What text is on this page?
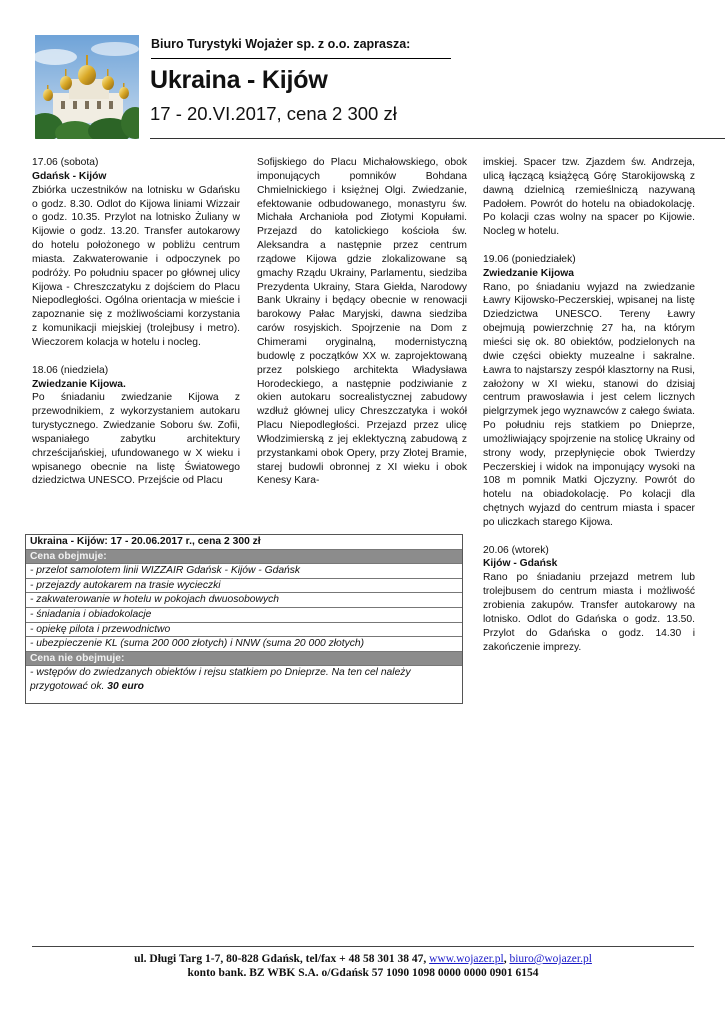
Biuro Turystyki Wojażer sp. z o.o. zaprasza:
Ukraina - Kijów
17 - 20.VI.2017, cena 2 300 zł

17.06 (sobota)

Gdańsk - Kijów

Zbiórka uczestników na lotnisku w Gdańsku o godz. 8.30. Odlot do Kijowa liniami Wizzair o godz. 10.35. Przylot na lotnisko Żuliany w Kijowie o godz. 13.20. Transfer autokarowy do hotelu położonego w pobliżu centrum miasta. Zakwaterowanie i odpoczynek po podróży. Po południu spacer po głównej ulicy Kijowa - Chreszczatyku z dojściem do Placu Niepodległości. Ogólna orientacja w mieście i zapoznanie się z możliwościami korzystania z komunikacji miejskiej (trolejbusy i metro). Wieczorem kolacja w hotelu i nocleg.

18.06 (niedziela)

Zwiedzanie Kijowa.

Po śniadaniu zwiedzanie Kijowa z przewodnikiem, z wykorzystaniem autokaru turystycznego. Zwiedzanie Soboru św. Zofii, wspaniałego zabytku architektury chrześcijańskiej, ufundowanego w X wieku i wpisanego obecnie na listę Światowego dziedzictwa UNESCO. Przejście od Placu

Sofijskiego do Placu Michałowskiego, obok imponujących pomników Bohdana Chmielnickiego i księżnej Olgi. Zwiedzanie, efektowanie odbudowanego, monastyru św. Michała Archanioła pod Złotymi Kopułami. Przejazd do katolickiego kościoła św. Aleksandra a następnie przez centrum rządowe Kijowa gdzie zlokalizowane są gmachy Rządu Ukrainy, Parlamentu, siedziba Prezydenta Ukrainy, Stara Giełda, Narodowy Bank Ukrainy i będący obecnie w renowacji barokowy Pałac Maryjski, dawna siedziba carów rosyjskich. Spojrzenie na Dom z Chimerami oryginalną, modernistyczną budowlę z początków XX w. zaprojektowaną przez polskiego architekta Władysława Horodeckiego, a następnie podziwianie z okien autokaru socrealistycznej zabudowy wzdłuż głównej ulicy Chreszczatyka i wokół Placu Niepodległości. Przejazd przez ulicę Włodzimierską z jej eklektyczną zabudową z przystankami obok Opery, przy Złotej Bramie, starej budowli obronnej z XI wieku i obok Kenesy Kara-

imskiej. Spacer tzw. Zjazdem św. Andrzeja, ulicą łączącą książęcą Górę Starokijowską z dawną dzielnicą rzemieślniczą nazywaną Padołem. Powrót do hotelu na obiadokolację. Po kolacji czas wolny na spacer po Kijowie. Nocleg w hotelu.

19.06 (poniedziałek)

Zwiedzanie Kijowa

Rano, po śniadaniu wyjazd na zwiedzanie Ławry Kijowsko-Peczerskiej, wpisanej na listę Dziedzictwa UNESCO. Tereny Ławry obejmują powierzchnię 27 ha, na którym mieści się ok. 80 obiektów, podzielonych na dwie części obiekty muzealne i sakralne. Ławra to najstarszy zespół klasztorny na Rusi, założony w XI wieku, stanowi do dzisiaj centrum prawosławia i jest celem licznych pielgrzymek jego wyznawców z całego świata. Po południu rejs statkiem po Dnieprze, umożliwiający spojrzenie na stolicę Ukrainy od strony wody, przepłynięcie obok Twierdzy Peczerskiej i widok na imponujący wysoki na 108 m pomnik Matki Ojczyzny. Powrót do hotelu na obiadokolację. Po kolacji dla chętnych wyjazd do centrum miasta i spacer po uliczkach starego Kijowa.

20.06 (wtorek)

Kijów - Gdańsk

Rano po śniadaniu przejazd metrem lub trolejbusem do centrum miasta i możliwość zrobienia zakupów. Transfer autokarowy na lotnisko. Odlot do Gdańska o godz. 13.50. Przylot do Gdańska o godz. 14.30 i zakończenie imprezy.

Ukraina - Kijów: 17 - 20.06.2017 r., cena 2 300 zł
Cena obejmuje:
- przelot samolotem linii WIZZAIR Gdańsk - Kijów - Gdańsk
- przejazdy autokarem na trasie wycieczki
- zakwaterowanie w hotelu w pokojach dwuosobowych
- śniadania i obiadokolacje
- opiekę pilota i przewodnictwo
- ubezpieczenie KL (suma 200 000 złotych) i NNW (suma 20 000 złotych)
Cena nie obejmuje:
- wstępów do zwiedzanych obiektów i rejsu statkiem po Dnieprze. Na ten cel należy przygotować ok. 30 euro
ul. Długi Targ 1-7, 80-828 Gdańsk, tel/fax + 48 58 301 38 47, www.wojazer.pl, biuro@wojazer.pl
konto bank. BZ WBK S.A. o/Gdańsk 57 1090 1098 0000 0000 0901 6154
